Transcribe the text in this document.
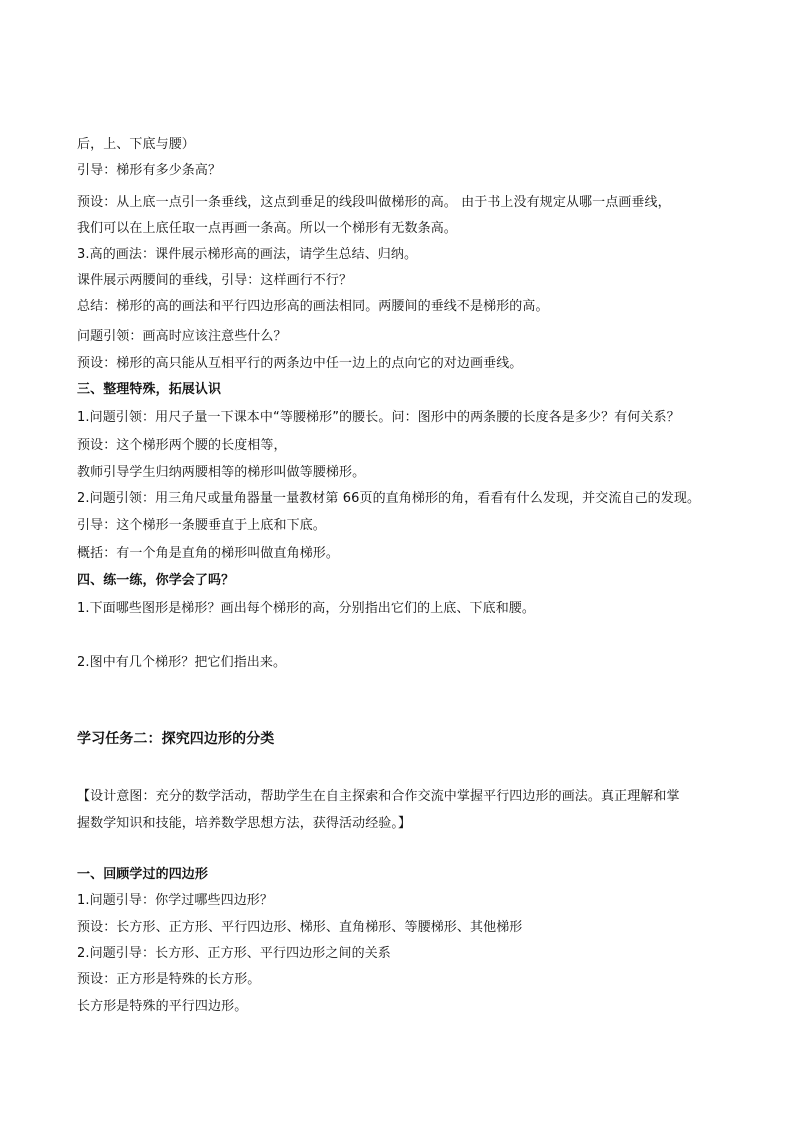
后，上、下底与腰）
引导：梯形有多少条高？
预设：从上底一点引一条垂线，这点到垂足的线段叫做梯形的高。 由于书上没有规定从哪一点画垂线，
我们可以在上底任取一点再画一条高。所以一个梯形有无数条高。
3.高的画法：课件展示梯形高的画法，请学生总结、归纳。
课件展示两腰间的垂线，引导：这样画行不行？
总结：梯形的高的画法和平行四边形高的画法相同。两腰间的垂线不是梯形的高。
问题引领：画高时应该注意些什么？
预设：梯形的高只能从互相平行的两条边中任一边上的点向它的对边画垂线。
三、整理特殊，拓展认识
1.问题引领：用尺子量一下课本中“等腰梯形”的腰长。问：图形中的两条腰的长度各是多少？有何关系？
预设：这个梯形两个腰的长度相等，
教师引导学生归纳两腰相等的梯形叫做等腰梯形。
2.问题引领：用三角尺或量角器量一量教材第 66页的直角梯形的角，看看有什么发现，并交流自己的发现。
引导：这个梯形一条腰垂直于上底和下底。
概括：有一个角是直角的梯形叫做直角梯形。
四、练一练，你学会了吗？
1.下面哪些图形是梯形？画出每个梯形的高，分别指出它们的上底、下底和腰。
2.图中有几个梯形？把它们指出来。
学习任务二：探究四边形的分类
【设计意图：充分的数学活动，帮助学生在自主探索和合作交流中掌握平行四边形的画法。真正理解和掌
握数学知识和技能，培养数学思想方法，获得活动经验。】
一、回顾学过的四边形
1.问题引导：你学过哪些四边形？
预设：长方形、正方形、平行四边形、梯形、直角梯形、等腰梯形、其他梯形
2.问题引导：长方形、正方形、平行四边形之间的关系
预设：正方形是特殊的长方形。
长方形是特殊的平行四边形。
